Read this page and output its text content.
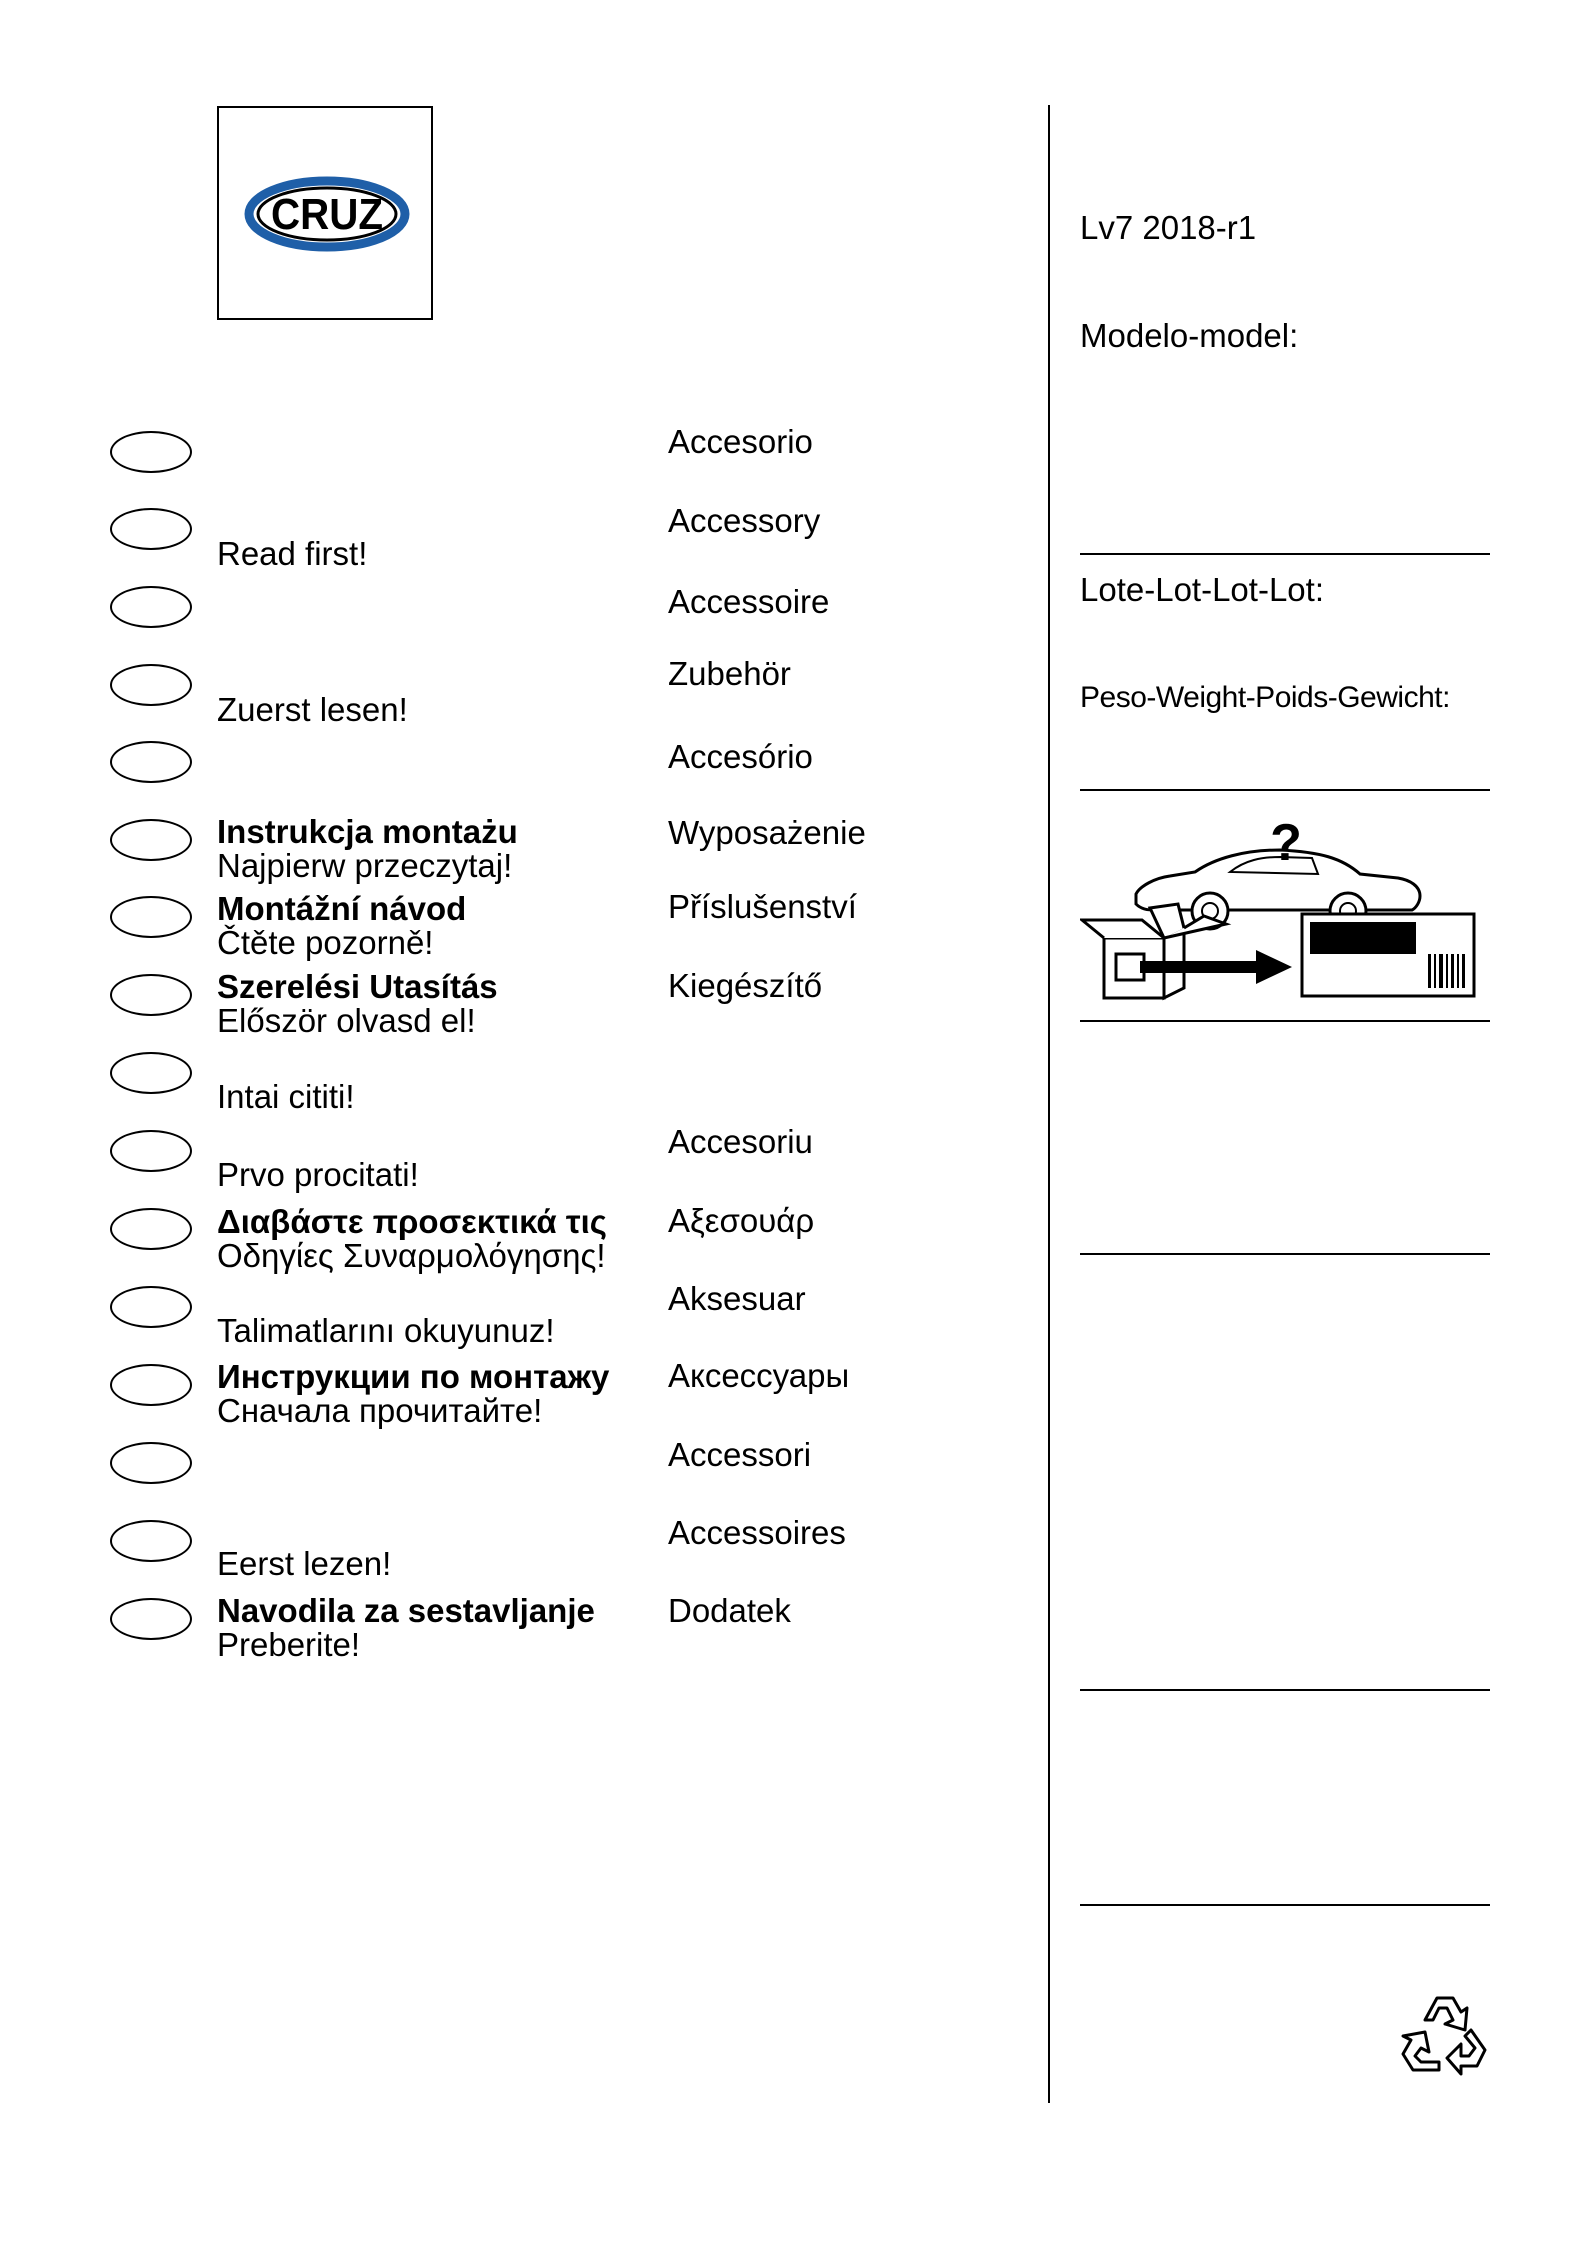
CRUZ
Accesorio
Read first!
Accessory
Accessoire
Zuerst lesen!
Zubehör
Accesório
Instrukcja montażu
Najpierw przeczytaj!
Wyposażenie
Montážní návod
Čtěte pozorně!
Příslušenství
Szerelési Utasítás
Először olvasd el!
Kiegészítő
Intai cititi!
Prvo procitati!
Accesoriu
Διαβάστε προσεκτικά τις
Οδηγίες Συναρμολόγησης!
Αξεσουάρ
Talimatlarını okuyunuz!
Aksesuar
Инструкции по монтажу
Сначала прочитайте!
Аксессуары
Accessori
Eerst lezen!
Accessoires
Navodila za sestavljanje
Preberite!
Dodatek
Lv7 2018-r1
Modelo-model:
Lote-Lot-Lot-Lot:
Peso-Weight-Poids-Gewicht:
?
